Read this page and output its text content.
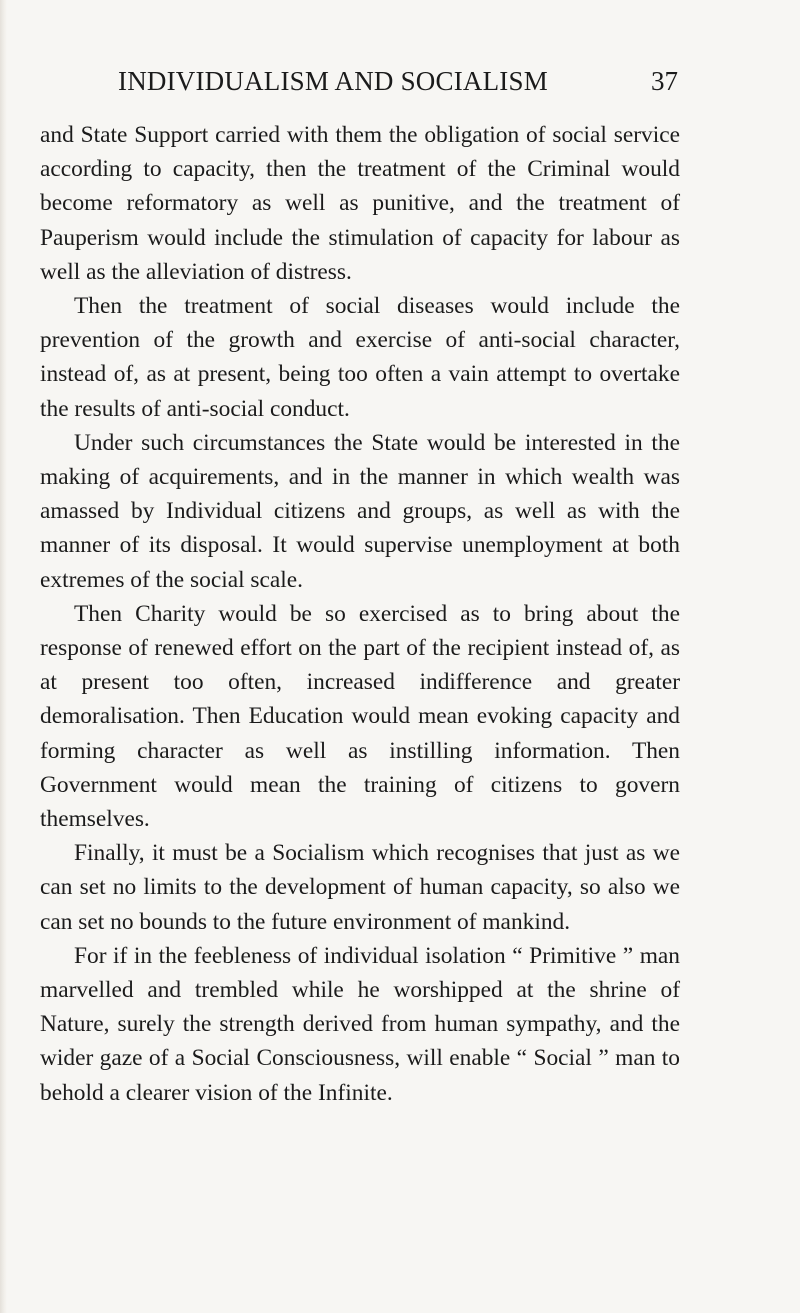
INDIVIDUALISM AND SOCIALISM	37

and State Support carried with them the obligation of social service according to capacity, then the treatment of the Criminal would become reformatory as well as punitive, and the treatment of Pauperism would include the stimulation of capacity for labour as well as the alleviation of distress.

Then the treatment of social diseases would include the prevention of the growth and exercise of anti-social character, instead of, as at present, being too often a vain attempt to overtake the results of anti-social conduct.

Under such circumstances the State would be interested in the making of acquirements, and in the manner in which wealth was amassed by Individual citizens and groups, as well as with the manner of its disposal. It would supervise unemployment at both extremes of the social scale.

Then Charity would be so exercised as to bring about the response of renewed effort on the part of the recipient instead of, as at present too often, increased indifference and greater demoralisation. Then Education would mean evoking capacity and forming character as well as instilling information. Then Government would mean the training of citizens to govern themselves.

Finally, it must be a Socialism which recognises that just as we can set no limits to the development of human capacity, so also we can set no bounds to the future environment of mankind.

For if in the feebleness of individual isolation “ Primitive ” man marvelled and trembled while he worshipped at the shrine of Nature, surely the strength derived from human sympathy, and the wider gaze of a Social Consciousness, will enable “ Social ” man to behold a clearer vision of the Infinite.
